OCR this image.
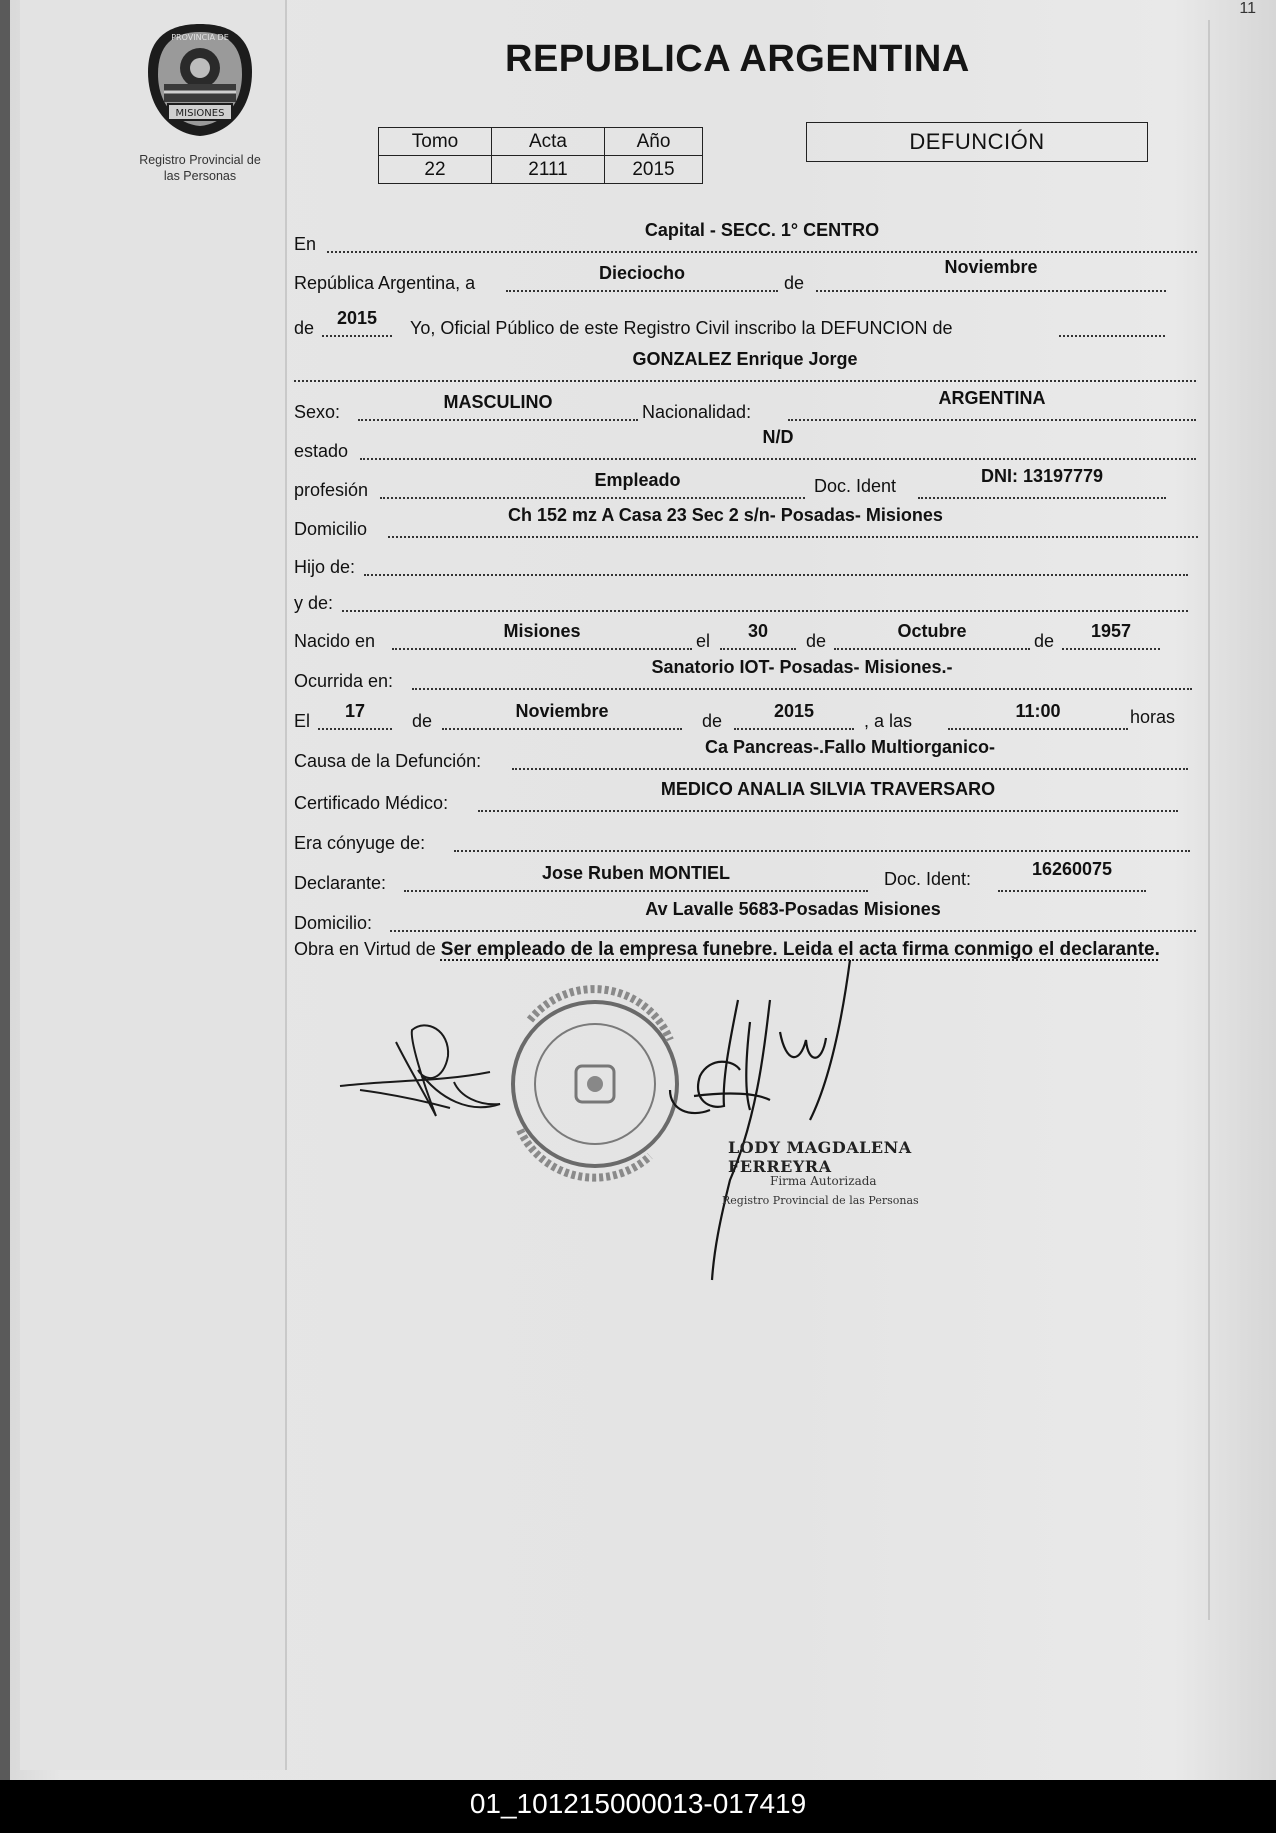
11
MISIONES
PROVINCIA DE
Registro Provincial de
las Personas
REPUBLICA ARGENTINA
Tomo	Acta	Año
22	2111	2015
DEFUNCIÓN
En
Capital - SECC. 1° CENTRO
República Argentina, a	Dieciocho	de
Noviembre
de	2015	Yo, Oficial Público de este Registro Civil inscribo la DEFUNCION de
GONZALEZ Enrique Jorge
Sexo:	MASCULINO	Nacionalidad:
ARGENTINA
estado
N/D
profesión	Empleado	Doc. Ident	DNI: 13197779
Domicilio
Ch 152 mz A Casa 23 Sec 2 s/n- Posadas- Misiones
Hijo de:
y de:
Nacido en	Misiones	el	30	de	Octubre	de	1957
Ocurrida en:
Sanatorio IOT- Posadas- Misiones.-
El	17	de	Noviembre	de	2015	, a las	11:00	horas
Causa de la Defunción:
Ca Pancreas-.Fallo Multiorganico-
Certificado Médico:
MEDICO ANALIA SILVIA TRAVERSARO
Era cónyuge de:
Declarante:	Jose Ruben MONTIEL	Doc. Ident:	16260075
Domicilio:
Av Lavalle 5683-Posadas Misiones
Obra en Virtud de Ser empleado de la empresa funebre. Leida el acta firma conmigo el declarante.
LODY MAGDALENA FERREYRA
Firma Autorizada
Registro Provincial de las Personas
01_101215000013-017419
